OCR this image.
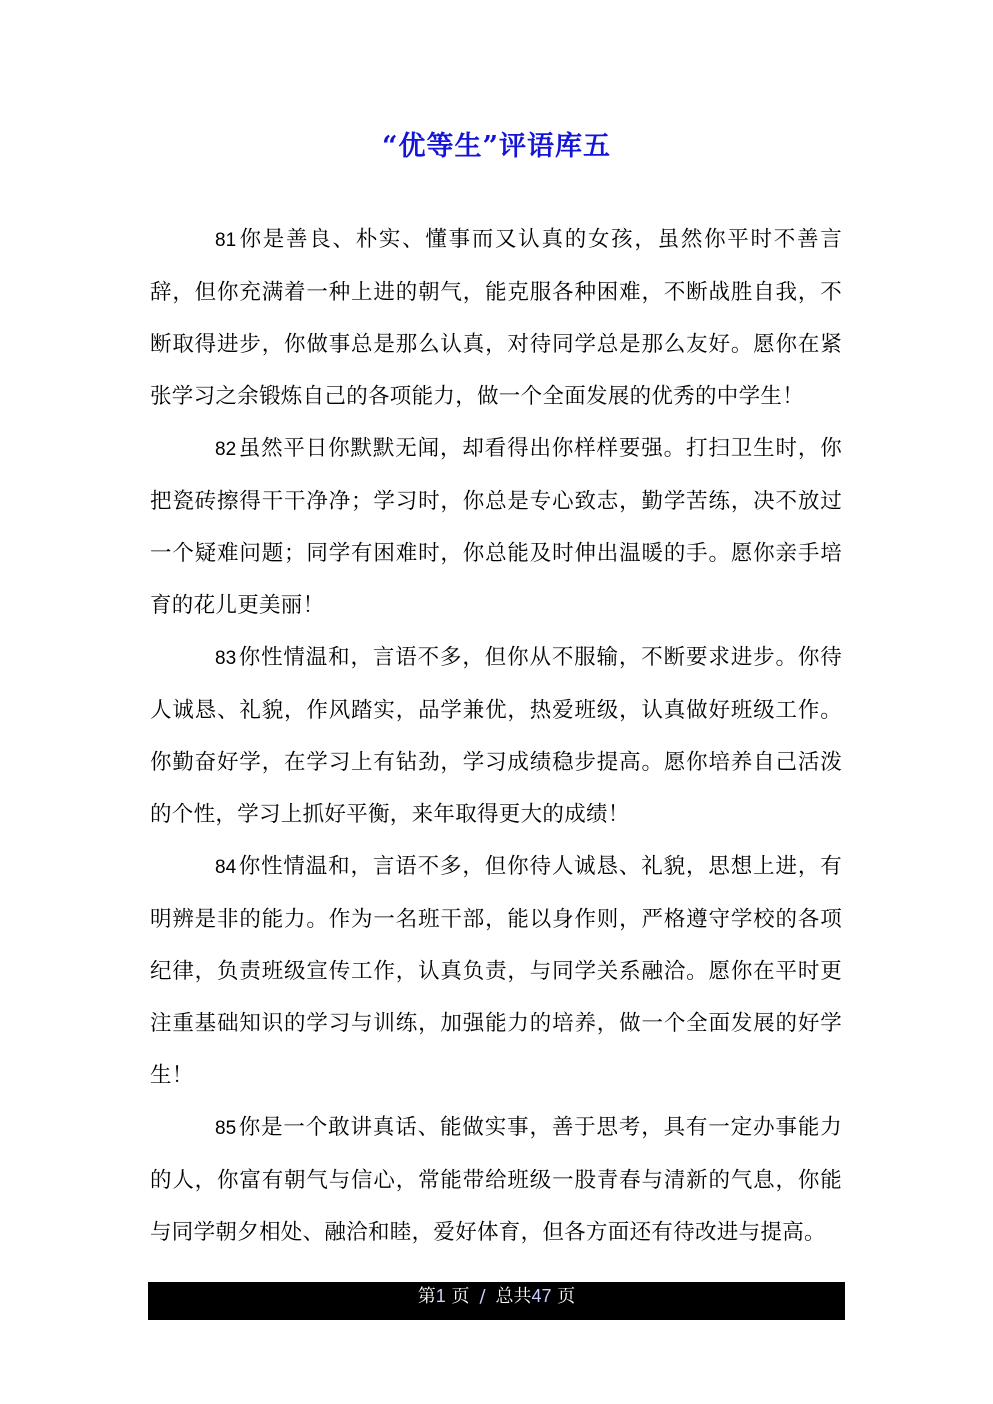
“优等生”评语库五

81你是善良、朴实、懂事而又认真的女孩，虽然你平时不善言辞，但你充满着一种上进的朝气，能克服各种困难，不断战胜自我，不断取得进步，你做事总是那么认真，对待同学总是那么友好。愿你在紧张学习之余锻炼自己的各项能力，做一个全面发展的优秀的中学生！

82虽然平日你默默无闻，却看得出你样样要强。打扫卫生时，你把瓷砖擦得干干净净；学习时，你总是专心致志，勤学苦练，决不放过一个疑难问题；同学有困难时，你总能及时伸出温暖的手。愿你亲手培育的花儿更美丽！

83你性情温和，言语不多，但你从不服输，不断要求进步。你待人诚恳、礼貌，作风踏实，品学兼优，热爱班级，认真做好班级工作。你勤奋好学，在学习上有钻劲，学习成绩稳步提高。愿你培养自己活泼的个性，学习上抓好平衡，来年取得更大的成绩！

84你性情温和，言语不多，但你待人诚恳、礼貌，思想上进，有明辨是非的能力。作为一名班干部，能以身作则，严格遵守学校的各项纪律，负责班级宣传工作，认真负责，与同学关系融洽。愿你在平时更注重基础知识的学习与训练，加强能力的培养，做一个全面发展的好学生！

85你是一个敢讲真话、能做实事，善于思考，具有一定办事能力的人，你富有朝气与信心，常能带给班级一股青春与清新的气息，你能与同学朝夕相处、融洽和睦，爱好体育，但各方面还有待改进与提高。

第1 页 / 总共47 页
